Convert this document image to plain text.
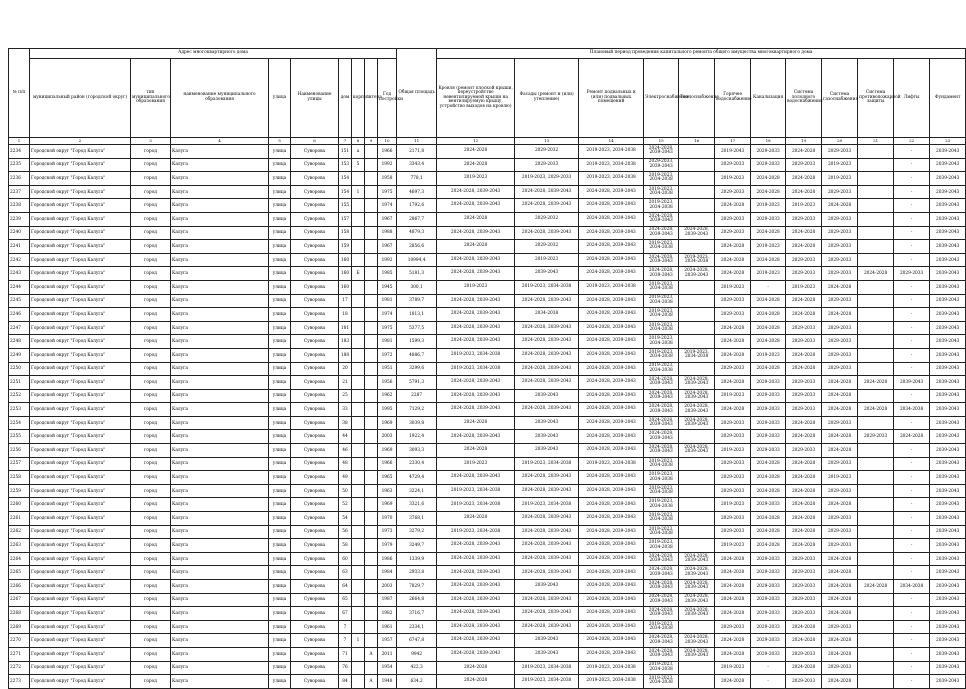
№ п/п	Адрес многоквартирного дома									Общая площадь	Плановый период проведения капитального ремонта общего имущества многоквартирного дома											
	муниципальный район (городской округ)	тип муниципального образования	наименование муниципального образования	улица	Наименование улицы	дом	корпус	литера	Год постройки		Кровля (ремонт плоской крыши, переустройство невентилируемой крыши на вентилируемую крышу, устройство выходов на кровлю)	Фасады (ремонт и (или) утепление)	Ремонт подвальных и (или) подвальных помещений	Электроснабжение	Теплоснабжение	Горячее водоснабжение	Канализация	Система холодного водоснабжения	Система газоснабжения	Система противопожарной защиты	Лифты	Фундамент
1	2	3	4	5	6	7	8	9	10	11	12	13	14	15	16	17	18	19	20	21	22	23
2234	Городской округ "Город Калуга"	город	Калуга	улица	Суворова	151	а		1966	2171,8	2024-2028	2029-2032	2019-2023, 2034-2038	2024-2028, 2039-2043		2019-2043	2029-2033	2024-2028	2029-2033		-	2039-2043
2235	Городской округ "Город Калуга"	город	Калуга	улица	Суворова	153	5		1992	3343,4	2024-2028	2029-2033	2019-2023, 2034-2038	2029-2033, 2039-2043		2029-2033	2029-2033	2029-2033	2019-2023		-	2039-2043
2236	Городской округ "Город Калуга"	город	Калуга	улица	Суворова	154			1958	778,1	2019-2023	2019-2023, 2029-2033	2019-2023, 2034-2038	2019-2023, 2034-2038		2019-2023	2024-2028	2024-2028	2019-2023		-	2039-2043
2237	Городской округ "Город Калуга"	город	Калуга	улица	Суворова	154	1		1975	4697,3	2024-2028, 2039-2043	2024-2028, 2039-2043	2024-2028, 2039-2043	2019-2023, 2034-2038		2029-2033	2024-2028	2024-2028	2029-2033		-	2039-2043
2238	Городской округ "Город Калуга"	город	Калуга	улица	Суворова	155			1974	1792,6	2024-2028, 2039-2043	2024-2028, 2039-2043	2024-2028, 2039-2043	2019-2023, 2034-2038		2024-2028	2019-2023	2019-2023	2024-2028		-	2039-2043
2239	Городской округ "Город Калуга"	город	Калуга	улица	Суворова	157			1967	2867,7	2024-2028	2029-2032	2024-2028, 2039-2043	2024-2028, 2039-2043		2029-2033	2029-2033	2029-2033	2029-2033		-	2039-2043
2240	Городской округ "Город Калуга"	город	Калуга	улица	Суворова	158			1988	4879,3	2024-2028, 2039-2043	2024-2028, 2039-2043	2024-2028, 2039-2043	2024-2028, 2039-2043	2024-2028, 2039-2043	2029-2033	2024-2028	2024-2028	2029-2033		-	2039-2043
2241	Городской округ "Город Калуга"	город	Калуга	улица	Суворова	159			1967	2856,6	2024-2028	2029-2032	2024-2028, 2039-2043	2019-2023, 2034-2038		2024-2028	2019-2023	2024-2028	2029-2033		-	2039-2043
2242	Городской округ "Город Калуга"	город	Калуга	улица	Суворова	160			1992	10994,4	2024-2028, 2039-2043	2019-2023	2024-2028, 2039-2043	2024-2028, 2039-2043	2019-2023, 2034-2038	2024-2028	2024-2028	2029-2033	2029-2033		-	2039-2043
2243	Городской округ "Город Калуга"	город	Калуга	улица	Суворова	160	Б		1985	5181,3	2024-2028, 2039-2043	2039-2043	2024-2028, 2039-2043	2024-2028, 2039-2043	2024-2028, 2039-2043	2024-2028	2019-2023	2029-2033	2029-2033	2024-2028	2029-2033	2039-2043
2244	Городской округ "Город Калуга"	город	Калуга	улица	Суворова	160			1945	300,1	2019-2023	2019-2023, 2034-2038	2019-2023, 2034-2038	2019-2023, 2034-2038		2019-2023	-	2019-2023	2024-2028		-	2039-2043
2245	Городской округ "Город Калуга"	город	Калуга	улица	Суворова	17			1981	3789,7	2024-2028, 2039-2043	2024-2028, 2039-2043	2024-2028, 2039-2043	2019-2023, 2034-2038		2029-2033	2024-2028	2024-2028	2029-2033		-	2039-2043
2246	Городской округ "Город Калуга"	город	Калуга	улица	Суворова	18			1974	1813,1	2024-2028, 2039-2043	2034-2038	2024-2028, 2039-2043	2019-2023, 2034-2038		2029-2033	2024-2028	2024-2028	2024-2028		-	2039-2043
2247	Городской округ "Город Калуга"	город	Калуга	улица	Суворова	181			1975	5377,5	2024-2028, 2039-2043	2024-2028, 2039-2043	2024-2028, 2039-2043	2019-2023, 2034-2038		2024-2028	2024-2028	2029-2033	2029-2033		-	2039-2043
2248	Городской округ "Город Калуга"	город	Калуга	улица	Суворова	183			1981	1599,3	2024-2028, 2039-2043	2024-2028, 2039-2043	2024-2028, 2039-2043	2019-2023, 2034-2038		2024-2028	2024-2028	2029-2033	2029-2033		-	2039-2043
2249	Городской округ "Город Калуга"	город	Калуга	улица	Суворова	188			1972	4886,7	2019-2023, 2034-2038	2024-2028, 2039-2043	2024-2028, 2039-2043	2019-2023, 2034-2038	2019-2023, 2034-2038	2024-2028	2019-2023	2024-2028	2029-2033		-	2039-2043
2250	Городской округ "Город Калуга"	город	Калуга	улица	Суворова	20			1951	3299,6	2019-2023, 2034-2038	2024-2028, 2039-2043	2024-2028, 2039-2043	2019-2023, 2034-2038		2029-2033	2024-2028	2024-2028	2029-2033		-	2039-2043
2251	Городской округ "Город Калуга"	город	Калуга	улица	Суворова	21			1956	5791,3	2024-2028, 2039-2043	2024-2028, 2039-2043	2024-2028, 2039-2043	2024-2028, 2039-2043	2024-2028, 2039-2043	2024-2028	2029-2033	2029-2033	2024-2028	2024-2028	2039-2043	2039-2043
2252	Городской округ "Город Калуга"	город	Калуга	улица	Суворова	25			1962	2287	2024-2028, 2039-2043	2039-2043	2024-2028, 2039-2043	2024-2028, 2039-2043	2024-2028, 2039-2043	2019-2023	2029-2033	2029-2033	2024-2028		-	2039-2043
2253	Городской округ "Город Калуга"	город	Калуга	улица	Суворова	33			1995	7129,2	2024-2028, 2039-2043	2024-2028, 2039-2043	2024-2028, 2039-2043	2024-2028, 2039-2043	2024-2028, 2039-2043	2024-2028	2029-2033	2029-2033	2024-2028	2024-2028	2034-2038	2039-2043
2254	Городской округ "Город Калуга"	город	Калуга	улица	Суворова	38			1969	3039,8	2024-2028	2039-2043	2024-2028, 2039-2043	2024-2028, 2039-2043	2024-2028, 2039-2043	2029-2033	2029-2033	2024-2028	2029-2033		-	2039-2043
2255	Городской округ "Город Калуга"	город	Калуга	улица	Суворова	44			2003	1922,4	2024-2028, 2039-2043	2039-2043	2024-2028, 2039-2043	2024-2028, 2039-2043		2029-2033	2029-2033	2024-2028	2024-2028	2029-2033	2024-2028	2039-2043
2256	Городской округ "Город Калуга"	город	Калуга	улица	Суворова	46			1969	3093,3	2024-2028	2039-2043	2024-2028, 2039-2043	2024-2028, 2039-2043	2024-2028, 2039-2043	2019-2023	2029-2033	2029-2033	2024-2028		-	2039-2043
2257	Городской округ "Город Калуга"	город	Калуга	улица	Суворова	48			1966	2330,4	2019-2023	2019-2023, 2034-2038	2019-2023, 2034-2038	2019-2023, 2034-2038		2029-2033	2024-2028	2024-2028	2029-2033		-	2039-2043
2258	Городской округ "Город Калуга"	город	Калуга	улица	Суворова	49			1965	4729,4	2024-2028, 2039-2043	2024-2028, 2039-2043	2024-2028, 2039-2043	2019-2023, 2034-2038		2029-2033	2024-2028	2024-2028	2019-2023		-	2039-2043
2259	Городской округ "Город Калуга"	город	Калуга	улица	Суворова	50			1963	3224,1	2019-2023, 2034-2038	2024-2028, 2039-2043	2024-2028, 2039-2043	2019-2023, 2034-2038		2029-2033	2024-2028	2024-2028	2029-2033		-	2039-2043
2260	Городской округ "Город Калуга"	город	Калуга	улица	Суворова	52			1969	3321,6	2019-2023, 2034-2038	2019-2023, 2034-2038	2024-2028, 2039-2043	2019-2023, 2034-2038		2019-2023	2029-2033	2024-2028	2024-2028		-	2039-2043
2261	Городской округ "Город Калуга"	город	Калуга	улица	Суворова	54			1970	3768,1	2024-2028	2024-2028, 2039-2043	2024-2028, 2039-2043	2019-2023, 2034-2038		2029-2033	2024-2028	2024-2028	2029-2033		-	2039-2043
2262	Городской округ "Город Калуга"	город	Калуга	улица	Суворова	56			1973	3279,2	2019-2023, 2034-2038	2024-2028, 2039-2043	2024-2028, 2039-2043	2019-2023, 2034-2038		2029-2033	2024-2028	2024-2028	2029-2033		-	2039-2043
2263	Городской округ "Город Калуга"	город	Калуга	улица	Суворова	58			1979	3249,7	2024-2028, 2039-2043	2024-2028, 2039-2043	2024-2028, 2039-2043	2019-2023, 2034-2038		2019-2023	2024-2028	2024-2028	2029-2033		-	2039-2043
2264	Городской округ "Город Калуга"	город	Калуга	улица	Суворова	60			1986	1339,9	2024-2028, 2039-2043	2024-2028, 2039-2043	2024-2028, 2039-2043	2024-2028, 2039-2043	2024-2028, 2039-2043	2024-2028	2029-2033	2029-2033	2024-2028		-	2039-2043
2265	Городской округ "Город Калуга"	город	Калуга	улица	Суворова	63			1984	2933,8	2024-2028, 2039-2043	2024-2028, 2039-2043	2024-2028, 2039-2043	2024-2028, 2039-2043	2024-2028, 2039-2043	2024-2028	2029-2033	2029-2033	2024-2028		-	2039-2043
2266	Городской округ "Город Калуга"	город	Калуга	улица	Суворова	64			2003	7829,7	2024-2028, 2039-2043	2039-2043	2024-2028, 2039-2043	2024-2028, 2039-2043	2024-2028, 2039-2043	2024-2028	2029-2033	2029-2033	2024-2028	2024-2028	2034-2038	2039-2043
2267	Городской округ "Город Калуга"	город	Калуга	улица	Суворова	65			1987	2664,8	2024-2028, 2039-2043	2024-2028, 2039-2043	2024-2028, 2039-2043	2024-2028, 2039-2043	2024-2028, 2039-2043	2024-2028	2029-2033	2029-2033	2024-2028		-	2039-2043
2268	Городской округ "Город Калуга"	город	Калуга	улица	Суворова	67			1982	3716,7	2024-2028, 2039-2043	2024-2028, 2039-2043	2024-2028, 2039-2043	2024-2028, 2039-2043	2024-2028, 2039-2043	2024-2028	2029-2033	2029-2033	2024-2028		-	2039-2043
2269	Городской округ "Город Калуга"	город	Калуга	улица	Суворова	7			1961	2334,1	2024-2028, 2039-2043	2024-2028, 2039-2043	2024-2028, 2039-2043	2019-2023, 2034-2038		2029-2033	2029-2033	2024-2028	2029-2033		-	2039-2043
2270	Городской округ "Город Калуга"	город	Калуга	улица	Суворова	7	1		1957	6747,8	2024-2028, 2039-2043	2039-2043	2024-2028, 2039-2043	2024-2028, 2039-2043	2024-2028, 2039-2043	2024-2028	2029-2033	2024-2028	2024-2028		-	2039-2043
2271	Городской округ "Город Калуга"	город	Калуга	улица	Суворова	71		А	2011	9942	2024-2028, 2039-2043	2039-2043	2024-2028, 2039-2043	2024-2028, 2039-2043	2024-2028, 2039-2043	2024-2028	2029-2033	2029-2033	2024-2028		-	2039-2043
2272	Городской округ "Город Калуга"	город	Калуга	улица	Суворова	76			1954	422,3	2024-2028	2019-2023, 2034-2038	2019-2023, 2034-2038	2019-2023, 2034-2038		2019-2023	-	2024-2028	2029-2033		-	2039-2043
2273	Городской округ "Город Калуга"	город	Калуга	улица	Суворова	84		А	1948	634,2	2024-2028	2019-2023, 2034-2038	2019-2023, 2034-2038	2019-2023, 2034-2038		2024-2028	-	2029-2033	2024-2028		-	2039-2043
